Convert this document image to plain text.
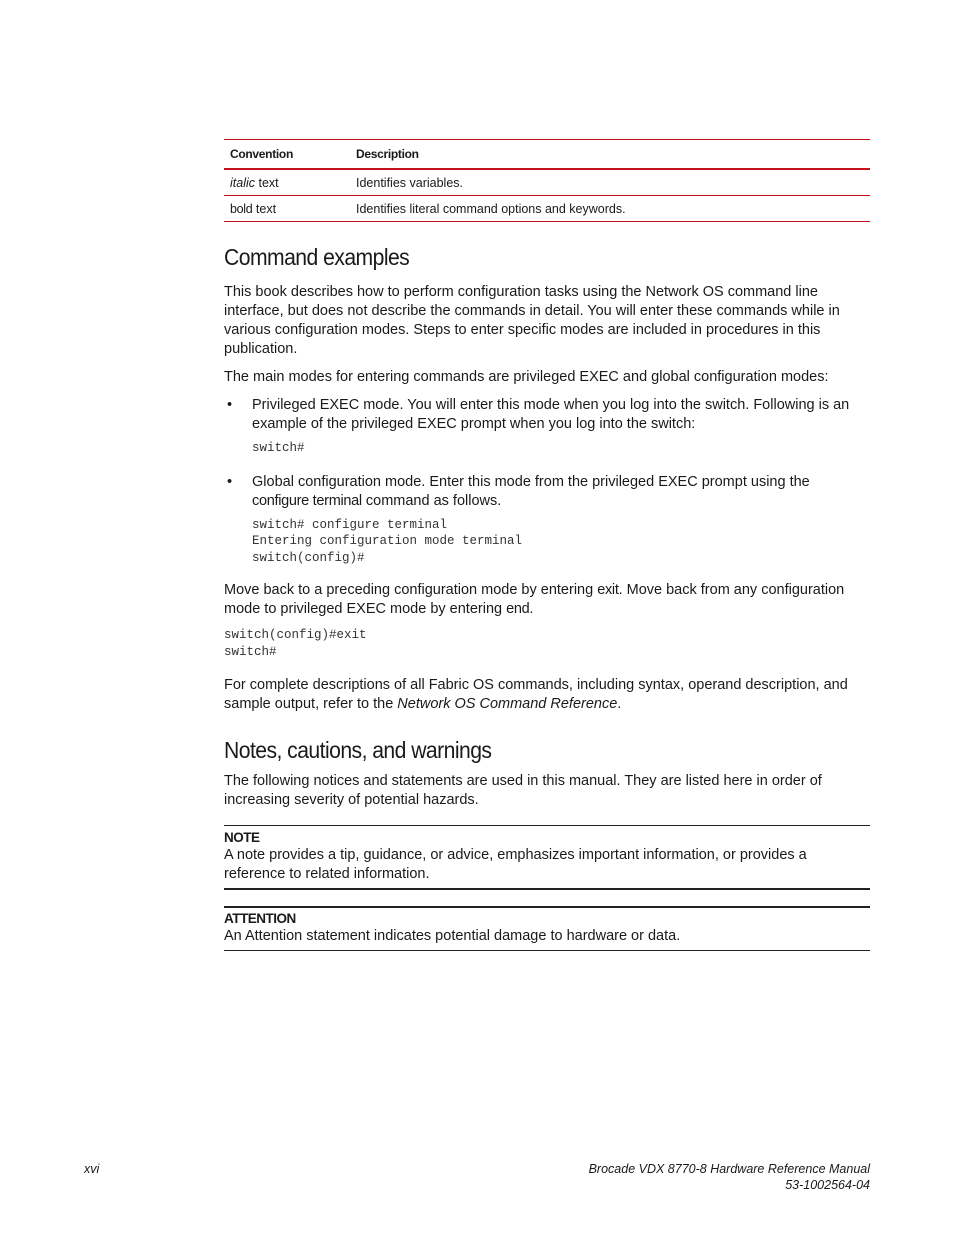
Convention	Description
italic text	Identifies variables.
bold text	Identifies literal command options and keywords.
Command examples

This book describes how to perform configuration tasks using the Network OS command line interface, but does not describe the commands in detail. You will enter these commands while in various configuration modes. Steps to enter specific modes are included in procedures in this publication.

The main modes for entering commands are privileged EXEC and global configuration modes:

• Privileged EXEC mode. You will enter this mode when you log into the switch. Following is an example of the privileged EXEC prompt when you log into the switch:

switch#
• Global configuration mode. Enter this mode from the privileged EXEC prompt using the configure terminal command as follows.

switch# configure terminal
Entering configuration mode terminal
switch(config)#

Move back to a preceding configuration mode by entering exit. Move back from any configuration mode to privileged EXEC mode by entering end.

switch(config)#exit
switch#

For complete descriptions of all Fabric OS commands, including syntax, operand description, and sample output, refer to the Network OS Command Reference.

Notes, cautions, and warnings

The following notices and statements are used in this manual. They are listed here in order of increasing severity of potential hazards.

NOTE

A note provides a tip, guidance, or advice, emphasizes important information, or provides a reference to related information.

ATTENTION

An Attention statement indicates potential damage to hardware or data.

xvi	Brocade VDX 8770-8 Hardware Reference Manual
53-1002564-04
